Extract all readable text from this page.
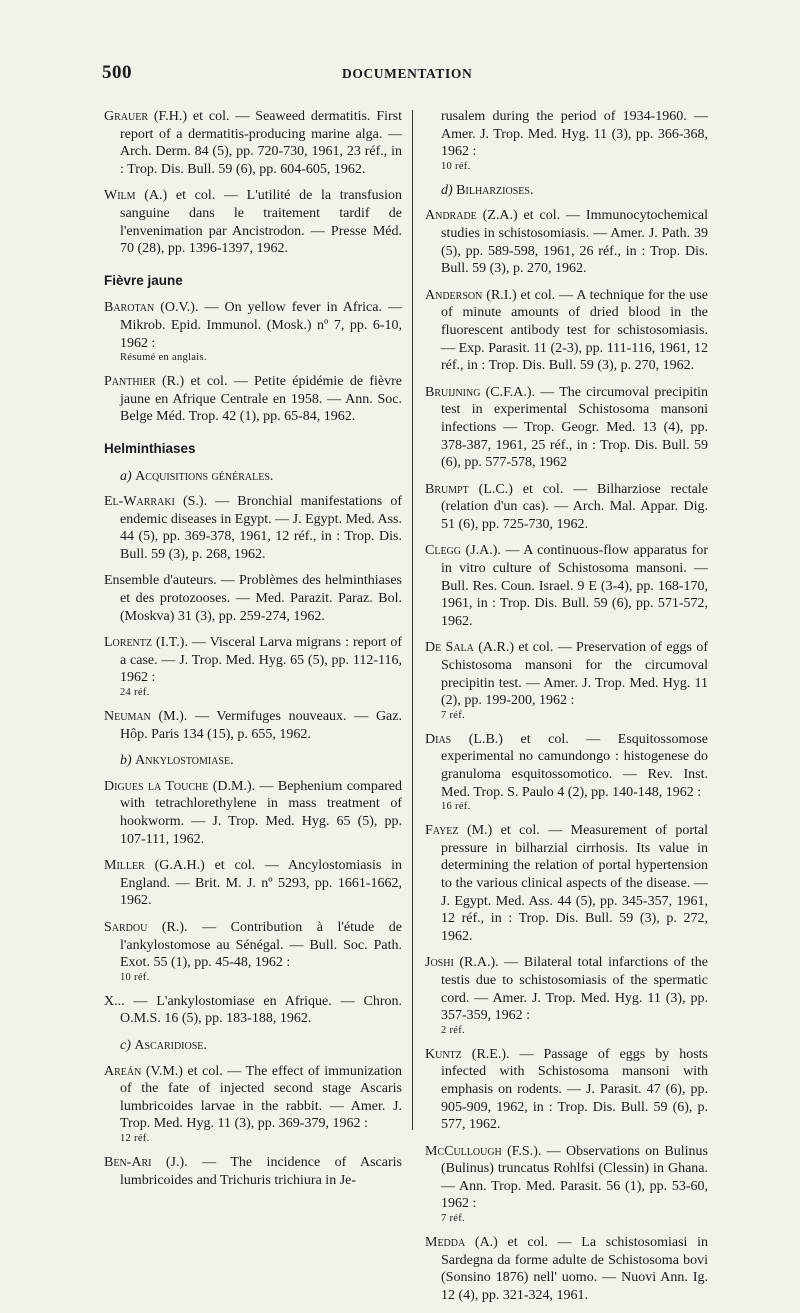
500	DOCUMENTATION

Grauer (F.H.) et col. — Seaweed dermatitis. First report of a dermatitis-producing marine alga. — Arch. Derm. 84 (5), pp. 720-730, 1961, 23 réf., in : Trop. Dis. Bull. 59 (6), pp. 604-605, 1962.

Wilm (A.) et col. — L'utilité de la transfusion sanguine dans le traitement tardif de l'envenimation par Ancistrodon. — Presse Méd. 70 (28), pp. 1396-1397, 1962.

Fièvre jaune

Barotan (O.V.). — On yellow fever in Africa. — Mikrob. Epid. Immunol. (Mosk.) nº 7, pp. 6-10, 1962 :
Résumé en anglais.

Panthier (R.) et col. — Petite épidémie de fièvre jaune en Afrique Centrale en 1958. — Ann. Soc. Belge Méd. Trop. 42 (1), pp. 65-84, 1962.

Helminthiases
a) Acquisitions générales.

El-Warraki (S.). — Bronchial manifestations of endemic diseases in Egypt. — J. Egypt. Med. Ass. 44 (5), pp. 369-378, 1961, 12 réf., in : Trop. Dis. Bull. 59 (3), p. 268, 1962.

Ensemble d'auteurs. — Problèmes des helminthiases et des protozooses. — Med. Parazit. Paraz. Bol. (Moskva) 31 (3), pp. 259-274, 1962.

Lorentz (I.T.). — Visceral Larva migrans : report of a case. — J. Trop. Med. Hyg. 65 (5), pp. 112-116, 1962 :
24 réf.

Neuman (M.). — Vermifuges nouveaux. — Gaz. Hôp. Paris 134 (15), p. 655, 1962.

b) Ankylostomiase.

Digues la Touche (D.M.). — Bephenium compared with tetrachlorethylene in mass treatment of hookworm. — J. Trop. Med. Hyg. 65 (5), pp. 107-111, 1962.

Miller (G.A.H.) et col. — Ancylostomiasis in England. — Brit. M. J. nº 5293, pp. 1661-1662, 1962.

Sardou (R.). — Contribution à l'étude de l'ankylostomose au Sénégal. — Bull. Soc. Path. Exot. 55 (1), pp. 45-48, 1962 :
10 réf.

X... — L'ankylostomiase en Afrique. — Chron. O.M.S. 16 (5), pp. 183-188, 1962.

c) Ascaridiose.

Areán (V.M.) et col. — The effect of immunization of the fate of injected second stage Ascaris lumbricoides larvae in the rabbit. — Amer. J. Trop. Med. Hyg. 11 (3), pp. 369-379, 1962 :
12 réf.

Ben-Ari (J.). — The incidence of Ascaris lumbricoides and Trichuris trichiura in Je-

rusalem during the period of 1934-1960. — Amer. J. Trop. Med. Hyg. 11 (3), pp. 366-368, 1962 :
10 réf.

d) Bilharzioses.

Andrade (Z.A.) et col. — Immunocytochemical studies in schistosomiasis. — Amer. J. Path. 39 (5), pp. 589-598, 1961, 26 réf., in : Trop. Dis. Bull. 59 (3), p. 270, 1962.

Anderson (R.I.) et col. — A technique for the use of minute amounts of dried blood in the fluorescent antibody test for schistosomiasis. — Exp. Parasit. 11 (2-3), pp. 111-116, 1961, 12 réf., in : Trop. Dis. Bull. 59 (3), p. 270, 1962.

Bruijning (C.F.A.). — The circumoval precipitin test in experimental Schistosoma mansoni infections — Trop. Geogr. Med. 13 (4), pp. 378-387, 1961, 25 réf., in : Trop. Dis. Bull. 59 (6), pp. 577-578, 1962

Brumpt (L.C.) et col. — Bilharziose rectale (relation d'un cas). — Arch. Mal. Appar. Dig. 51 (6), pp. 725-730, 1962.

Clegg (J.A.). — A continuous-flow apparatus for in vitro culture of Schistosoma mansoni. — Bull. Res. Coun. Israel. 9 E (3-4), pp. 168-170, 1961, in : Trop. Dis. Bull. 59 (6), pp. 571-572, 1962.

De Sala (A.R.) et col. — Preservation of eggs of Schistosoma mansoni for the circumoval precipitin test. — Amer. J. Trop. Med. Hyg. 11 (2), pp. 199-200, 1962 :
7 réf.

Dias (L.B.) et col. — Esquitossomose experimental no camundongo : histogenese do granuloma esquitossomotico. — Rev. Inst. Med. Trop. S. Paulo 4 (2), pp. 140-148, 1962 :
16 réf.

Fayez (M.) et col. — Measurement of portal pressure in bilharzial cirrhosis. Its value in determining the relation of portal hypertension to the various clinical aspects of the disease. — J. Egypt. Med. Ass. 44 (5), pp. 345-357, 1961, 12 réf., in : Trop. Dis. Bull. 59 (3), p. 272, 1962.

Joshi (R.A.). — Bilateral total infarctions of the testis due to schistosomiasis of the spermatic cord. — Amer. J. Trop. Med. Hyg. 11 (3), pp. 357-359, 1962 :
2 réf.

Kuntz (R.E.). — Passage of eggs by hosts infected with Schistosoma mansoni with emphasis on rodents. — J. Parasit. 47 (6), pp. 905-909, 1962, in : Trop. Dis. Bull. 59 (6), p. 577, 1962.

McCullough (F.S.). — Observations on Bulinus (Bulinus) truncatus Rohlfsi (Clessin) in Ghana. — Ann. Trop. Med. Parasit. 56 (1), pp. 53-60, 1962 :
7 réf.

Medda (A.) et col. — La schistosomiasi in Sardegna da forme adulte de Schistosoma bovi (Sonsino 1876) nell' uomo. — Nuovi Ann. Ig. 12 (4), pp. 321-324, 1961.
